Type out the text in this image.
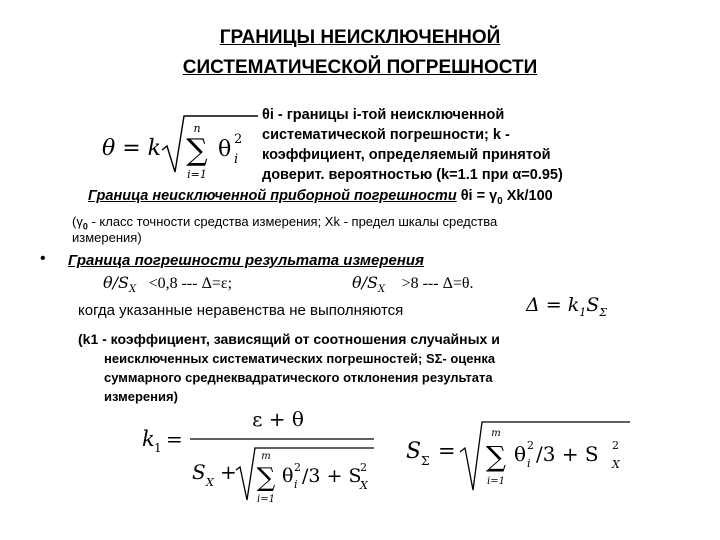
ГРАНИЦЫ НЕИСКЛЮЧЕННОЙ
СИСТЕМАТИЧЕСКОЙ ПОГРЕШНОСТИ
θ = k
n
∑
i=1
θ 2
i
θi - границы i-той неисключенной
систематической погрешности; k -
коэффициент, определяемый принятой
доверит. вероятностью (k=1.1 при α=0.95)
Граница неисключенной приборной погрешности $\theta i = \gamma_0$ Xk/100
($\gamma_0$ - класс точности средства измерения; Xk - предел шкалы средства
измерения)
• Граница погрешности результата измерения
$\theta/S_X <0,8$ --- Δ=ε;	$\theta/S_X >8$ --- Δ=θ.
когда указанные неравенства не выполняются	$\Delta = k_1S_\Sigma$
(k1 - коэффициент, зависящий от соотношения случайных и
неисключенных систематических погрешностей; SΣ- оценка
суммарного среднеквадратического отклонения результата
измерения)
k 1 =
ε + θ
S X +
m
∑
i=1
θ 2
i /3 + S
2
X
S Σ =
m
∑
i=1
θ 2
i /3 + S 2
X
